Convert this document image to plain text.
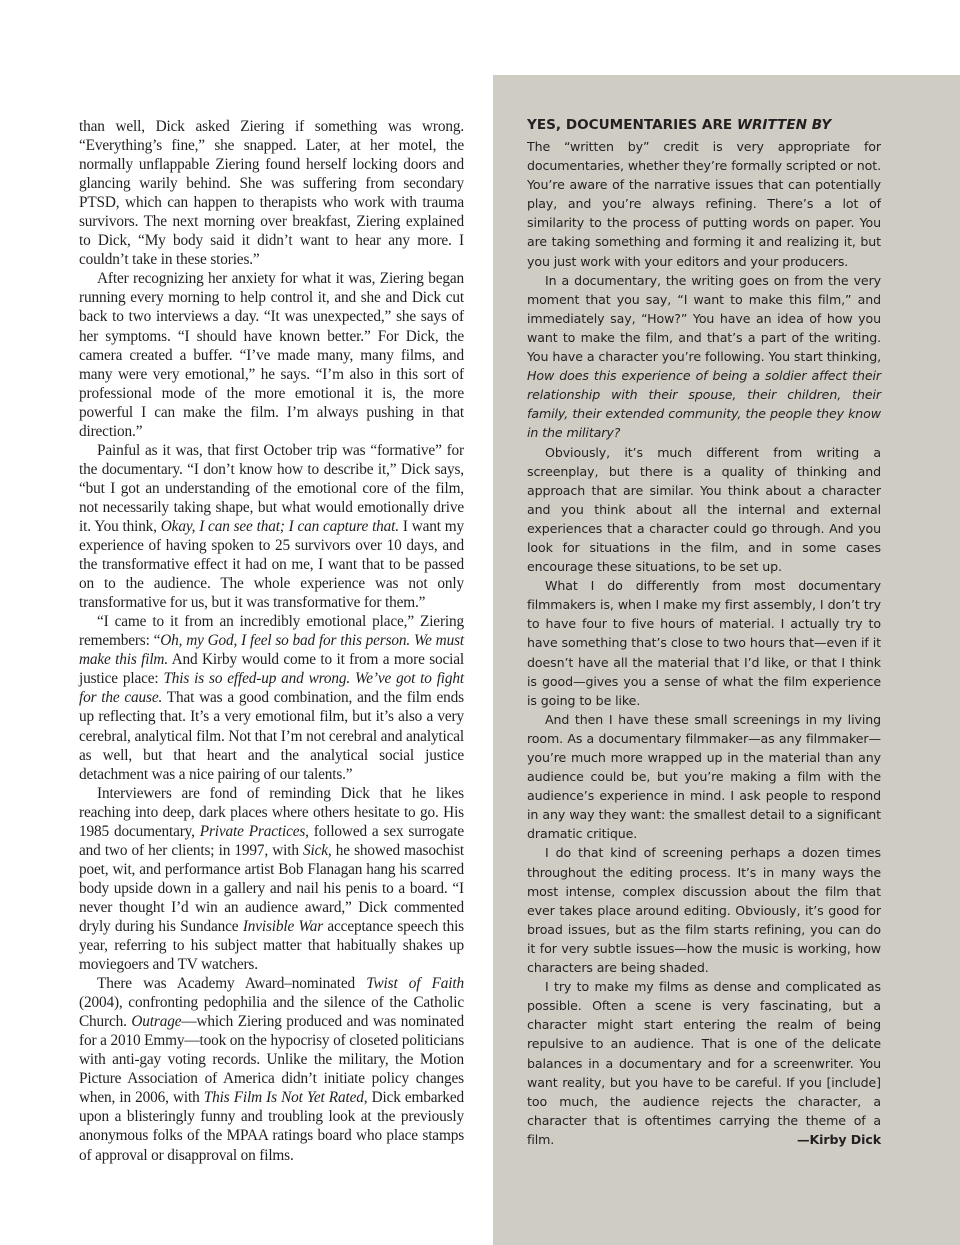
than well, Dick asked Ziering if something was wrong. “Everything’s fine,” she snapped. Later, at her motel, the normally unflappable Ziering found herself locking doors and glancing warily behind. She was suffering from secondary PTSD, which can happen to therapists who work with trauma survivors. The next morning over breakfast, Ziering explained to Dick, “My body said it didn’t want to hear any more. I couldn’t take in these stories.”

After recognizing her anxiety for what it was, Ziering began running every morning to help control it, and she and Dick cut back to two interviews a day. “It was unexpected,” she says of her symptoms. “I should have known better.” For Dick, the camera created a buffer. “I’ve made many, many films, and many were very emotional,” he says. “I’m also in this sort of professional mode of the more emotional it is, the more powerful I can make the film. I’m always pushing in that direction.”

Painful as it was, that first October trip was “formative” for the documentary. “I don’t know how to describe it,” Dick says, “but I got an understanding of the emotional core of the film, not necessarily taking shape, but what would emotionally drive it. You think, Okay, I can see that; I can capture that. I want my experience of having spoken to 25 survivors over 10 days, and the transformative effect it had on me, I want that to be passed on to the audience. The whole experience was not only transformative for us, but it was transformative for them.”

“I came to it from an incredibly emotional place,” Ziering remembers: “Oh, my God, I feel so bad for this person. We must make this film. And Kirby would come to it from a more social justice place: This is so effed-up and wrong. We’ve got to fight for the cause. That was a good combination, and the film ends up reflecting that. It’s a very emotional film, but it’s also a very cerebral, analytical film. Not that I’m not cerebral and analytical as well, but that heart and the analytical social justice detachment was a nice pairing of our talents.”

Interviewers are fond of reminding Dick that he likes reaching into deep, dark places where others hesitate to go. His 1985 documentary, Private Practices, followed a sex surrogate and two of her clients; in 1997, with Sick, he showed masochist poet, wit, and performance artist Bob Flanagan hang his scarred body upside down in a gallery and nail his penis to a board. “I never thought I’d win an audience award,” Dick commented dryly during his Sundance Invisible War acceptance speech this year, referring to his subject matter that habitually shakes up moviegoers and TV watchers.

There was Academy Award–nominated Twist of Faith (2004), confronting pedophilia and the silence of the Catholic Church. Outrage—which Ziering produced and was nominated for a 2010 Emmy—took on the hypocrisy of closeted politicians with anti-gay voting records. Unlike the military, the Motion Picture Association of America didn’t initiate policy changes when, in 2006, with This Film Is Not Yet Rated, Dick embarked upon a blisteringly funny and troubling look at the previously anonymous folks of the MPAA ratings board who place stamps of approval or disapproval on films.

YES, DOCUMENTARIES ARE WRITTEN BY

The “written by” credit is very appropriate for documentaries, whether they’re formally scripted or not. You’re aware of the narrative issues that can potentially play, and you’re always refining. There’s a lot of similarity to the process of putting words on paper. You are taking something and forming it and realizing it, but you just work with your editors and your producers.

In a documentary, the writing goes on from the very moment that you say, “I want to make this film,” and immediately say, “How?” You have an idea of how you want to make the film, and that’s a part of the writing. You have a character you’re following. You start thinking, How does this experience of being a soldier affect their relationship with their spouse, their children, their family, their extended community, the people they know in the military?

Obviously, it’s much different from writing a screenplay, but there is a quality of thinking and approach that are similar. You think about a character and you think about all the internal and external experiences that a character could go through. And you look for situations in the film, and in some cases encourage these situations, to be set up.

What I do differently from most documentary filmmakers is, when I make my first assembly, I don’t try to have four to five hours of material. I actually try to have something that’s close to two hours that—even if it doesn’t have all the material that I’d like, or that I think is good—gives you a sense of what the film experience is going to be like.

And then I have these small screenings in my living room. As a documentary filmmaker—as any filmmaker—you’re much more wrapped up in the material than any audience could be, but you’re making a film with the audience’s experience in mind. I ask people to respond in any way they want: the smallest detail to a significant dramatic critique.

I do that kind of screening perhaps a dozen times throughout the editing process. It’s in many ways the most intense, complex discussion about the film that ever takes place around editing. Obviously, it’s good for broad issues, but as the film starts refining, you can do it for very subtle issues—how the music is working, how characters are being shaded.

I try to make my films as dense and complicated as possible. Often a scene is very fascinating, but a character might start entering the realm of being repulsive to an audience. That is one of the delicate balances in a documentary and for a screenwriter. You want reality, but you have to be careful. If you [include] too much, the audience rejects the character, a character that is oftentimes carrying the theme of a film.	—Kirby Dick
